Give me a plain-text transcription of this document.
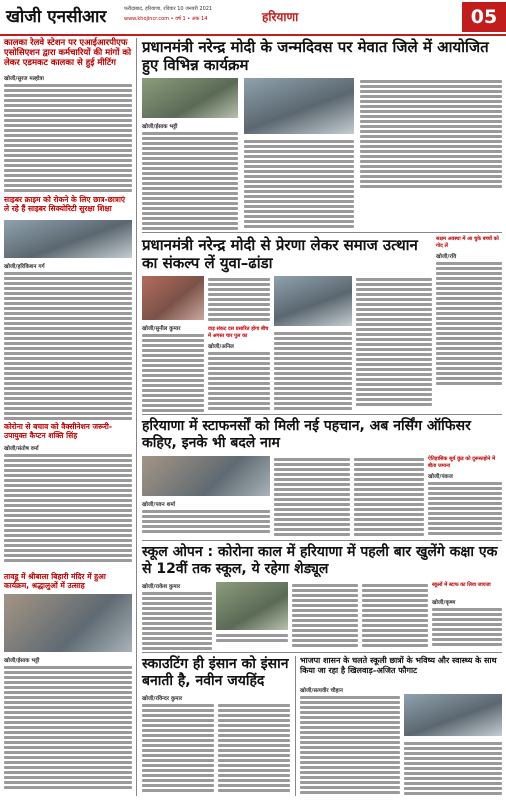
खोजी एनसीआर	फरीदाबाद, हरियाणा, रविवार 10 जनवरी 2021
www.khojincr.com • वर्ष 1 • अंक 14	हरियाणा	05
कालका रेलवे स्टेशन पर एआईआरपीएफ एसोसिएशन द्वारा कर्मचारियों की मांगों को लेकर एडमकट कालका से हुई मीटिंग
खोजी/सुरज मल्होत्रा
साइबर क्राइम को रोकने के लिए छात्र-छात्राएं ले रहे हैं साइबर सिक्योरिटी सुरक्षा शिक्षा
खोजी/हरिकिशन गर्ग
कोरोना से बचाव को वैक्सीनेशन जरूरी-उपायुक्त कैप्टन शक्ति सिंह
खोजी/संतोष वर्मा
तावडू में श्रीबाला बिहारी मंदिर में हुआ कार्यक्रम, श्रद्धालुओं में उत्साह
खोजी/ईसाक भट्टी
प्रधानमंत्री नरेन्द्र मोदी के जन्मदिवस पर मेवात जिले में आयोजित हुए विभिन्न कार्यक्रम
खोजी/ईसाक भट्टी
प्रधानमंत्री नरेन्द्र मोदी से प्रेरणा लेकर समाज उत्थान का संकल्प लें युवा–ढांडा
सक्षम अवस्था में आ चुके बच्चों को गोद लें
खोजी/रवि
खोजी/सुनील कुमार	वाड़ संकट दस प्रसारित होगा बीच में अगस्त चार पुल का
खोजी/अनिल
हरियाणा में स्टाफनर्सों को मिली नई पहचान, अब नर्सिंग ऑफिसर कहिए, इनके भी बदले नाम
खोजी/पवन शर्मा
ऐतिहासिक सूर्य कुंड को दुरूस्तहोने में बीता जमाना
खोजी/पंकज
स्कूल ओपन : कोरोना काल में हरियाणा में पहली बार खुलेंगे कक्षा एक से 12वीं तक स्कूल, ये रहेगा शेड्यूल
खोजी/राकेश कुमार	स्कूलों में स्टाफ का लिया जायजा
खोजी/कृष्ण
स्काउटिंग ही इंसान को इंसान बनाती है, नवीन जयहिंद
खोजी/रविन्दर कुमार
भाजपा शासन के चलते स्कूली छात्रों के भविष्य और स्वास्थ्य के साथ किया जा रहा है खिलवाड़–अजित फौगाट
खोजी/सत्यवीर चौहान
